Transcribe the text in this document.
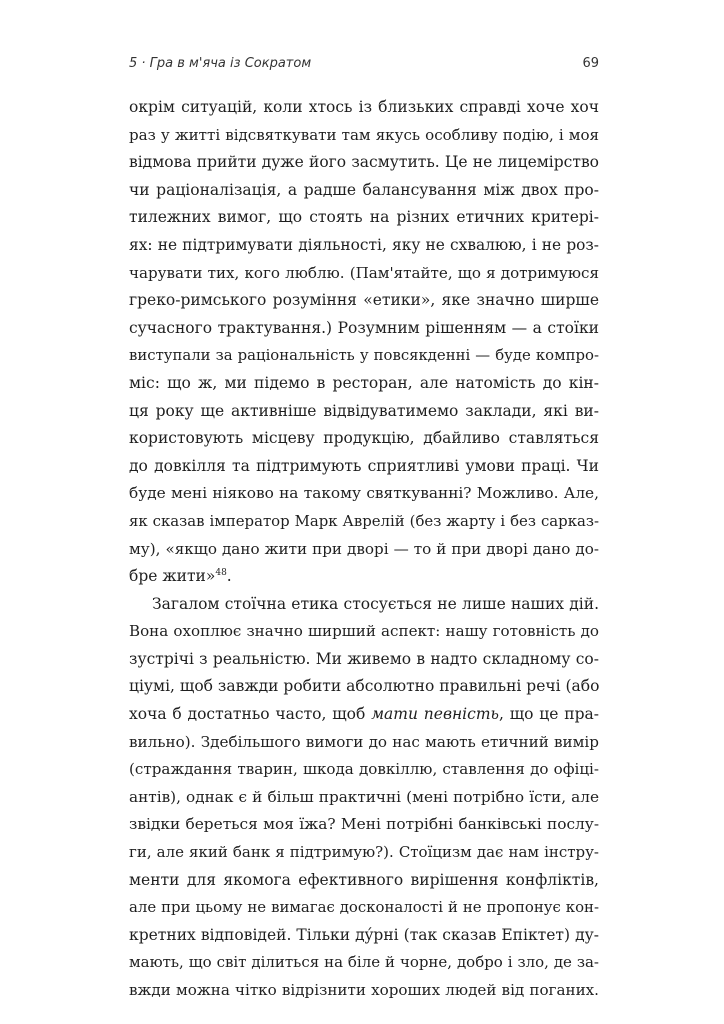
5 · Гра в м'яча із Сократом	69
окрім ситуацій, коли хтось із близьких справді хоче хоч
раз у житті відсвяткувати там якусь особливу подію, і моя
відмова прийти дуже його засмутить. Це не лицемірство
чи раціоналізація, а радше балансування між двох про-
тилежних вимог, що стоять на різних етичних критері-
ях: не підтримувати діяльності, яку не схвалюю, і не роз-
чарувати тих, кого люблю. (Пам'ятайте, що я дотримуюся
греко-римського розуміння «етики», яке значно ширше
сучасного трактування.) Розумним рішенням — а стоїки
виступали за раціональність у повсякденні — буде компро-
міс: що ж, ми підемо в ресторан, але натомість до кін-
ця року ще активніше відвідуватимемо заклади, які ви-
користовують місцеву продукцію, дбайливо ставляться
до довкілля та підтримують сприятливі умови праці. Чи
буде мені ніяково на такому святкуванні? Можливо. Але,
як сказав імператор Марк Аврелій (без жарту і без сарказ-
му), «якщо дано жити при дворі — то й при дворі дано до-
бре жити»$^{48}$.
Загалом стоїчна етика стосується не лише наших дій.
Вона охоплює значно ширший аспект: нашу готовність до
зустрічі з реальністю. Ми живемо в надто складному со-
ціумі, щоб завжди робити абсолютно правильні речі (або
хоча б достатньо часто, щоб мати певність, що це пра-
вильно). Здебільшого вимоги до нас мають етичний вимір
(страждання тварин, шкода довкіллю, ставлення до офіці-
антів), однак є й більш практичні (мені потрібно їсти, але
звідки береться моя їжа? Мені потрібні банківські послу-
ги, але який банк я підтримую?). Стоїцизм дає нам інстру-
менти для якомога ефективного вирішення конфліктів,
але при цьому не вимагає досконалості й не пропонує кон-
кретних відповідей. Тільки дýрні (так сказав Епіктет) ду-
мають, що світ ділиться на біле й чорне, добро і зло, де за-
вжди можна чітко відрізнити хороших людей від поганих.
